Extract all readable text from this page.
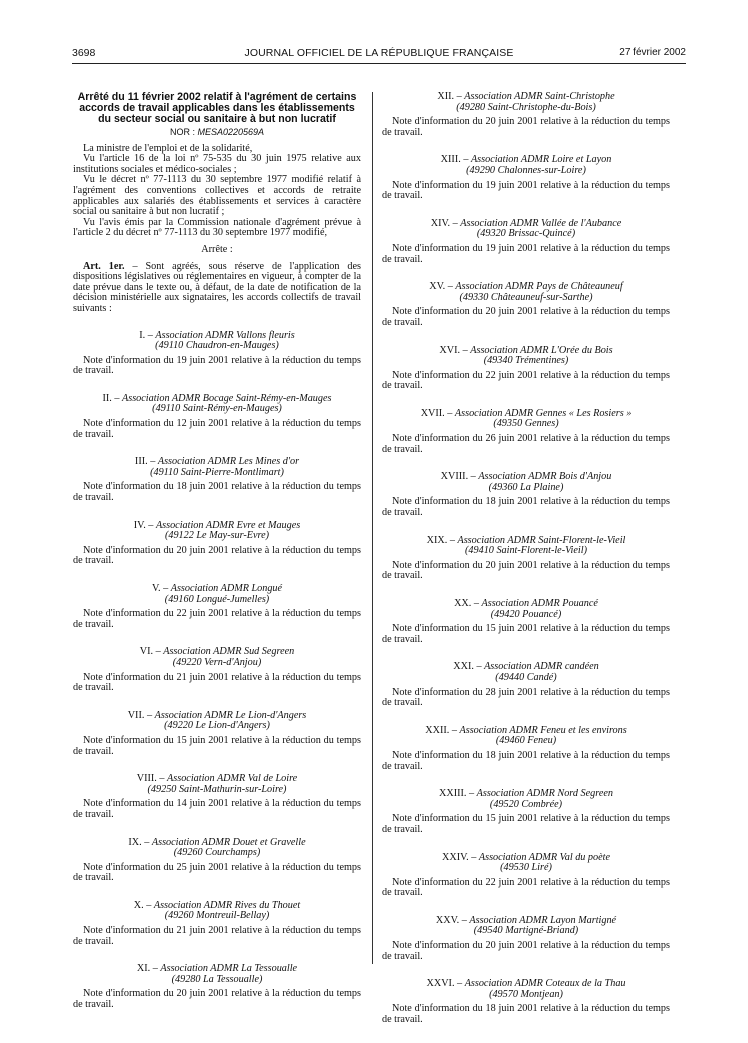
3698	JOURNAL OFFICIEL DE LA RÉPUBLIQUE FRANÇAISE	27 février 2002

Arrêté du 11 février 2002 relatif à l'agrément de certains accords de travail applicables dans les établissements du secteur social ou sanitaire à but non lucratif

NOR : MESA0220569A

La ministre de l'emploi et de la solidarité,

Vu l'article 16 de la loi nº 75-535 du 30 juin 1975 relative aux institutions sociales et médico-sociales ;

Vu le décret nº 77-1113 du 30 septembre 1977 modifié relatif à l'agrément des conventions collectives et accords de retraite applicables aux salariés des établissements et services à caractère social ou sanitaire à but non lucratif ;

Vu l'avis émis par la Commission nationale d'agrément prévue à l'article 2 du décret nº 77-1113 du 30 septembre 1977 modifié,

Arrête :

Art. 1er. – Sont agréés, sous réserve de l'application des dispositions législatives ou réglementaires en vigueur, à compter de la date prévue dans le texte ou, à défaut, de la date de notification de la décision ministérielle aux signataires, les accords collectifs de travail suivants :

I. – Association ADMR Vallons fleuris

(49110 Chaudron-en-Mauges)

Note d'information du 19 juin 2001 relative à la réduction du temps de travail.

II. – Association ADMR Bocage Saint-Rémy-en-Mauges

(49110 Saint-Rémy-en-Mauges)

Note d'information du 12 juin 2001 relative à la réduction du temps de travail.

III. – Association ADMR Les Mines d'or

(49110 Saint-Pierre-Montlimart)

Note d'information du 18 juin 2001 relative à la réduction du temps de travail.

IV. – Association ADMR Evre et Mauges

(49122 Le May-sur-Evre)

Note d'information du 20 juin 2001 relative à la réduction du temps de travail.

V. – Association ADMR Longué

(49160 Longué-Jumelles)

Note d'information du 22 juin 2001 relative à la réduction du temps de travail.

VI. – Association ADMR Sud Segreen

(49220 Vern-d'Anjou)

Note d'information du 21 juin 2001 relative à la réduction du temps de travail.

VII. – Association ADMR Le Lion-d'Angers

(49220 Le Lion-d'Angers)

Note d'information du 15 juin 2001 relative à la réduction du temps de travail.

VIII. – Association ADMR Val de Loire

(49250 Saint-Mathurin-sur-Loire)

Note d'information du 14 juin 2001 relative à la réduction du temps de travail.

IX. – Association ADMR Douet et Gravelle

(49260 Courchamps)

Note d'information du 25 juin 2001 relative à la réduction du temps de travail.

X. – Association ADMR Rives du Thouet

(49260 Montreuil-Bellay)

Note d'information du 21 juin 2001 relative à la réduction du temps de travail.

XI. – Association ADMR La Tessoualle

(49280 La Tessoualle)

Note d'information du 20 juin 2001 relative à la réduction du temps de travail.

XII. – Association ADMR Saint-Christophe

(49280 Saint-Christophe-du-Bois)

Note d'information du 20 juin 2001 relative à la réduction du temps de travail.

XIII. – Association ADMR Loire et Layon

(49290 Chalonnes-sur-Loire)

Note d'information du 19 juin 2001 relative à la réduction du temps de travail.

XIV. – Association ADMR Vallée de l'Aubance

(49320 Brissac-Quincé)

Note d'information du 19 juin 2001 relative à la réduction du temps de travail.

XV. – Association ADMR Pays de Châteauneuf

(49330 Châteauneuf-sur-Sarthe)

Note d'information du 20 juin 2001 relative à la réduction du temps de travail.

XVI. – Association ADMR L'Orée du Bois

(49340 Trémentines)

Note d'information du 22 juin 2001 relative à la réduction du temps de travail.

XVII. – Association ADMR Gennes « Les Rosiers »

(49350 Gennes)

Note d'information du 26 juin 2001 relative à la réduction du temps de travail.

XVIII. – Association ADMR Bois d'Anjou

(49360 La Plaine)

Note d'information du 18 juin 2001 relative à la réduction du temps de travail.

XIX. – Association ADMR Saint-Florent-le-Vieil

(49410 Saint-Florent-le-Vieil)

Note d'information du 20 juin 2001 relative à la réduction du temps de travail.

XX. – Association ADMR Pouancé

(49420 Pouancé)

Note d'information du 15 juin 2001 relative à la réduction du temps de travail.

XXI. – Association ADMR candéen

(49440 Candé)

Note d'information du 28 juin 2001 relative à la réduction du temps de travail.

XXII. – Association ADMR Feneu et les environs

(49460 Feneu)

Note d'information du 18 juin 2001 relative à la réduction du temps de travail.

XXIII. – Association ADMR Nord Segreen

(49520 Combrée)

Note d'information du 15 juin 2001 relative à la réduction du temps de travail.

XXIV. – Association ADMR Val du poète

(49530 Liré)

Note d'information du 22 juin 2001 relative à la réduction du temps de travail.

XXV. – Association ADMR Layon Martigné

(49540 Martigné-Briand)

Note d'information du 20 juin 2001 relative à la réduction du temps de travail.

XXVI. – Association ADMR Coteaux de la Thau

(49570 Montjean)

Note d'information du 18 juin 2001 relative à la réduction du temps de travail.
